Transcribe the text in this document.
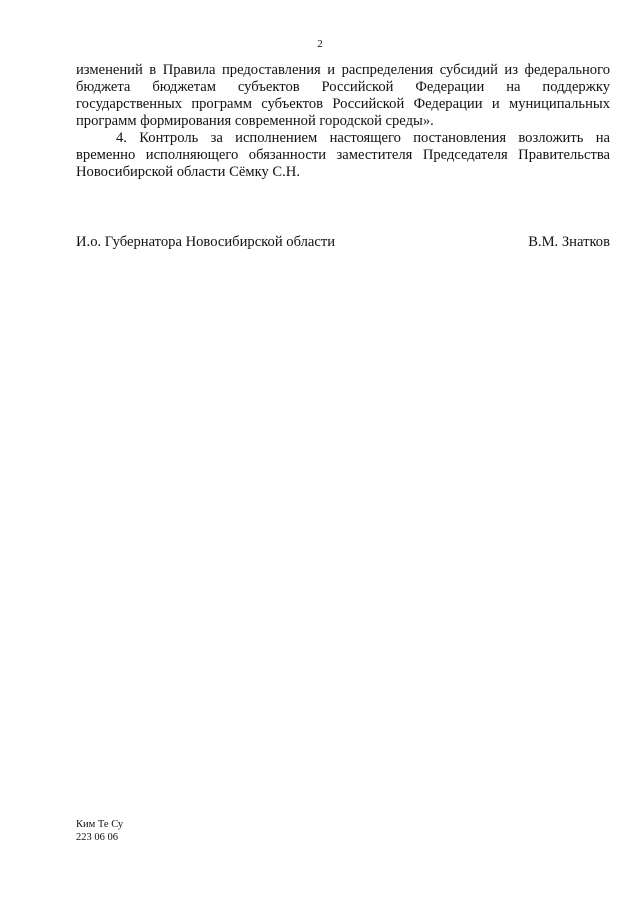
2
изменений в Правила предоставления и распределения субсидий из федерального
бюджета бюджетам субъектов Российской Федерации на поддержку
государственных программ субъектов Российской Федерации и муниципальных
программ формирования современной городской среды».
4. Контроль за исполнением настоящего постановления возложить на
временно исполняющего обязанности заместителя Председателя Правительства
Новосибирской области Сёмку С.Н.
И.о. Губернатора Новосибирской области	В.М. Знатков
Ким Те Су
223 06 06
